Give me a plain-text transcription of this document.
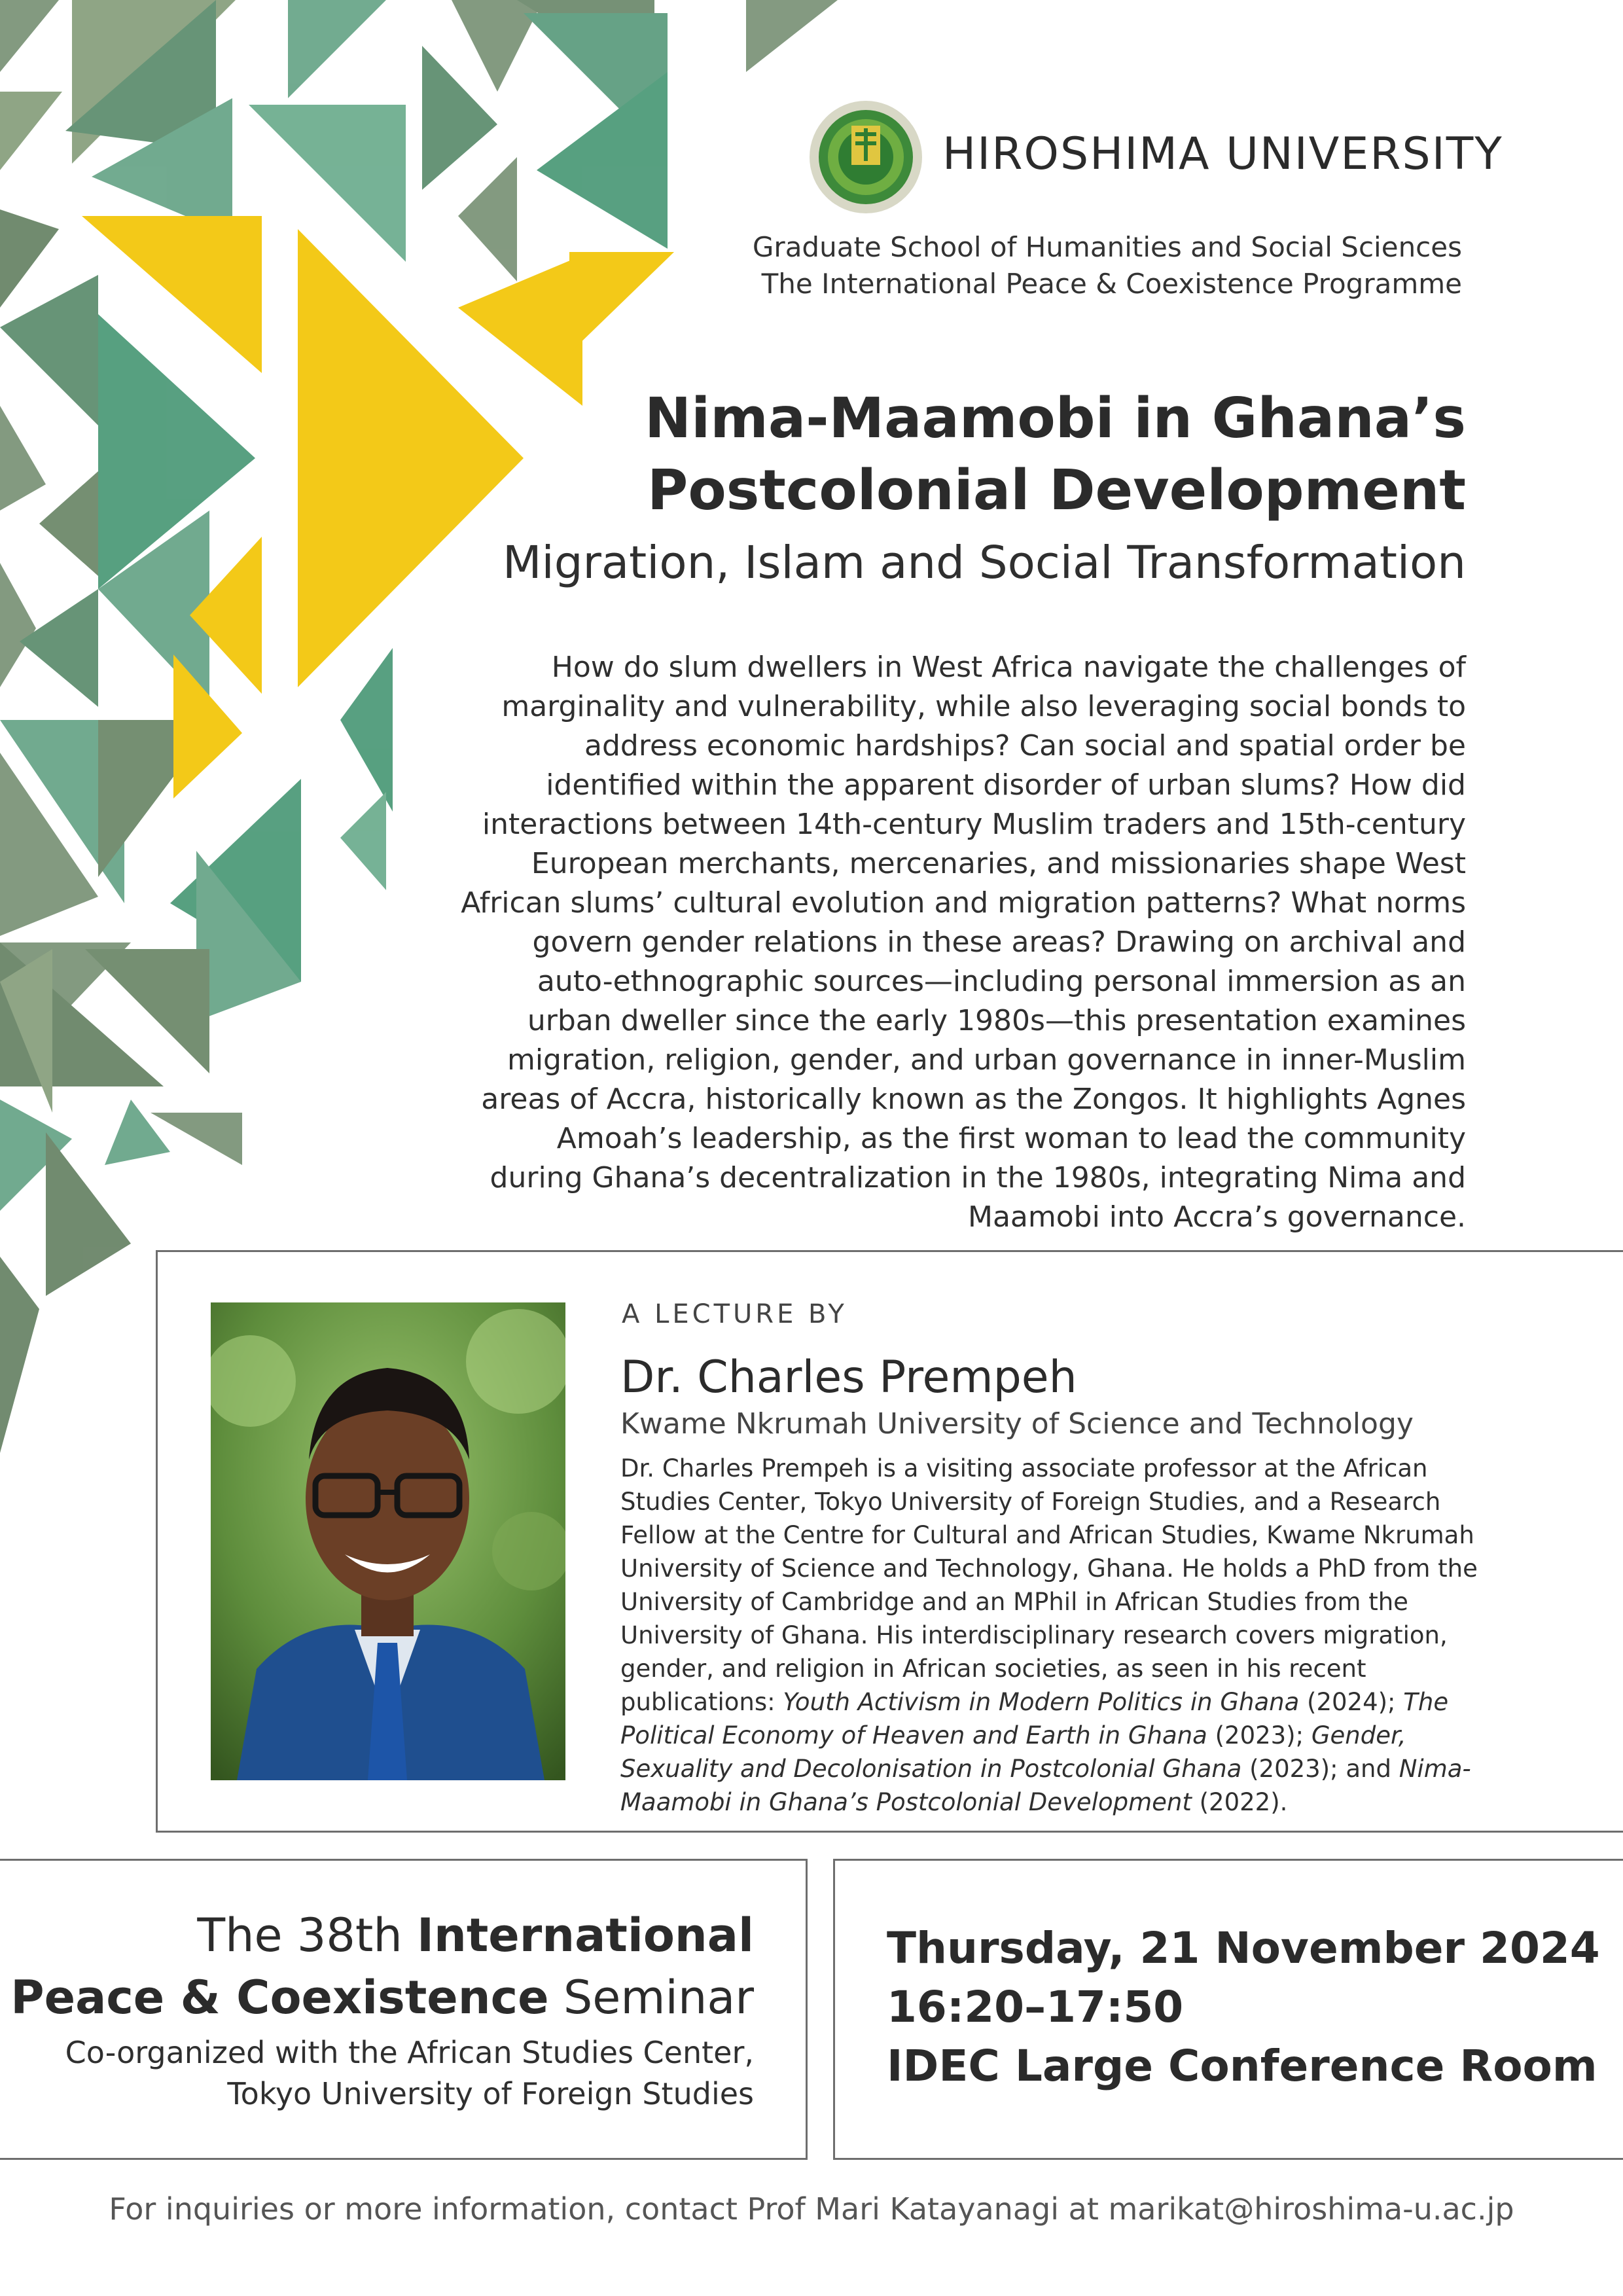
HIROSHIMA UNIVERSITY
Graduate School of Humanities and Social Sciences
The International Peace & Coexistence Programme
Nima-Maamobi in Ghana’s
Postcolonial Development
Migration, Islam and Social Transformation
How do slum dwellers in West Africa navigate the challenges of marginality and vulnerability, while also leveraging social bonds to address economic hardships? Can social and spatial order be identified within the apparent disorder of urban slums? How did interactions between 14th-century Muslim traders and 15th-century European merchants, mercenaries, and missionaries shape West African slums’ cultural evolution and migration patterns? What norms govern gender relations in these areas? Drawing on archival and auto-ethnographic sources—including personal immersion as an urban dweller since the early 1980s—this presentation examines migration, religion, gender, and urban governance in inner-Muslim areas of Accra, historically known as the Zongos. It highlights Agnes Amoah’s leadership, as the first woman to lead the community during Ghana’s decentralization in the 1980s, integrating Nima and Maamobi into Accra’s governance.
A LECTURE BY
Dr. Charles Prempeh
Kwame Nkrumah University of Science and Technology
Dr. Charles Prempeh is a visiting associate professor at the African Studies Center, Tokyo University of Foreign Studies, and a Research Fellow at the Centre for Cultural and African Studies, Kwame Nkrumah University of Science and Technology, Ghana. He holds a PhD from the University of Cambridge and an MPhil in African Studies from the University of Ghana. His interdisciplinary research covers migration, gender, and religion in African societies, as seen in his recent publications: Youth Activism in Modern Politics in Ghana (2024); The Political Economy of Heaven and Earth in Ghana (2023); Gender, Sexuality and Decolonisation in Postcolonial Ghana (2023); and Nima-Maamobi in Ghana’s Postcolonial Development (2022).
The 38th International
Peace & Coexistence Seminar
Co-organized with the African Studies Center,
Tokyo University of Foreign Studies
Thursday, 21 November 2024
16:20–17:50
IDEC Large Conference Room
For inquiries or more information, contact Prof Mari Katayanagi at marikat@hiroshima-u.ac.jp
